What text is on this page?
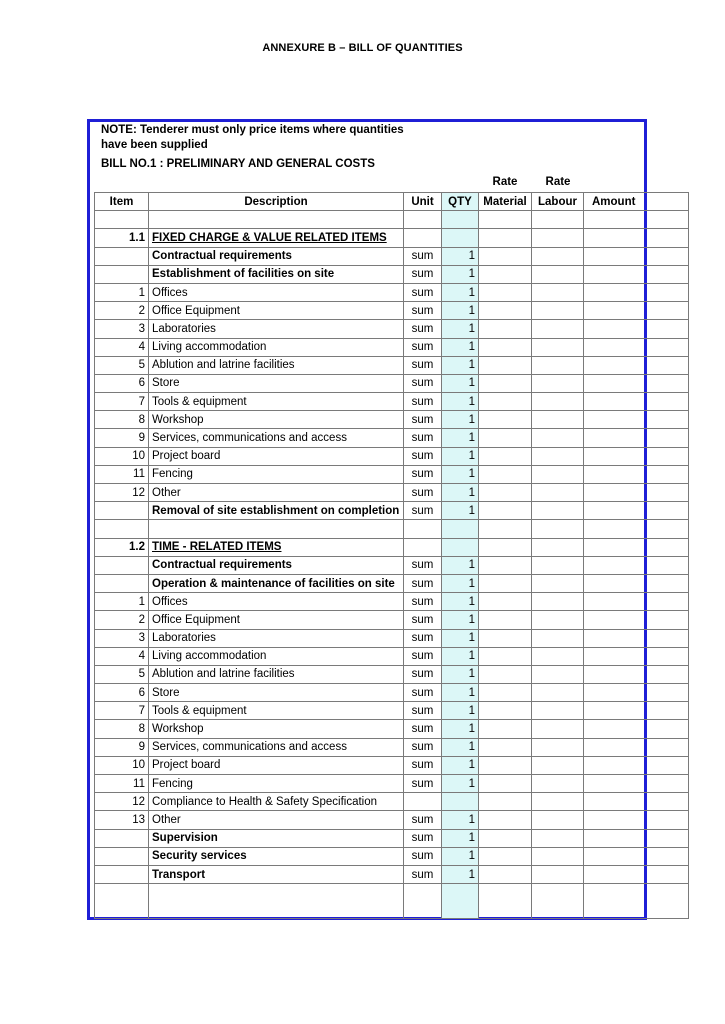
ANNEXURE B – BILL OF QUANTITIES
NOTE: Tenderer must only price items where quantities have been supplied
BILL NO.1 : PRELIMINARY AND GENERAL COSTS
Rate	Rate
Item	Description	Unit	QTY	Material	Labour	Amount

1.1	FIXED CHARGE & VALUE RELATED ITEMS					
	Contractual requirements	sum	1			
	Establishment of facilities on site	sum	1			
1	Offices	sum	1			
2	Office Equipment	sum	1			
3	Laboratories	sum	1			
4	Living accommodation	sum	1			
5	Ablution and latrine facilities	sum	1			
6	Store	sum	1			
7	Tools & equipment	sum	1			
8	Workshop	sum	1			
9	Services, communications and access	sum	1			
10	Project board	sum	1			
11	Fencing	sum	1			
12	Other	sum	1			
	Removal of site establishment on completion	sum	1			

1.2	TIME - RELATED ITEMS					
	Contractual requirements	sum	1			
	Operation & maintenance of facilities on site	sum	1			
1	Offices	sum	1			
2	Office Equipment	sum	1			
3	Laboratories	sum	1			
4	Living accommodation	sum	1			
5	Ablution and latrine facilities	sum	1			
6	Store	sum	1			
7	Tools & equipment	sum	1			
8	Workshop	sum	1			
9	Services, communications and access	sum	1			
10	Project board	sum	1			
11	Fencing	sum	1			
12	Compliance to Health & Safety Specification					
13	Other	sum	1			
	Supervision	sum	1			
	Security services	sum	1			
	Transport	sum	1			
